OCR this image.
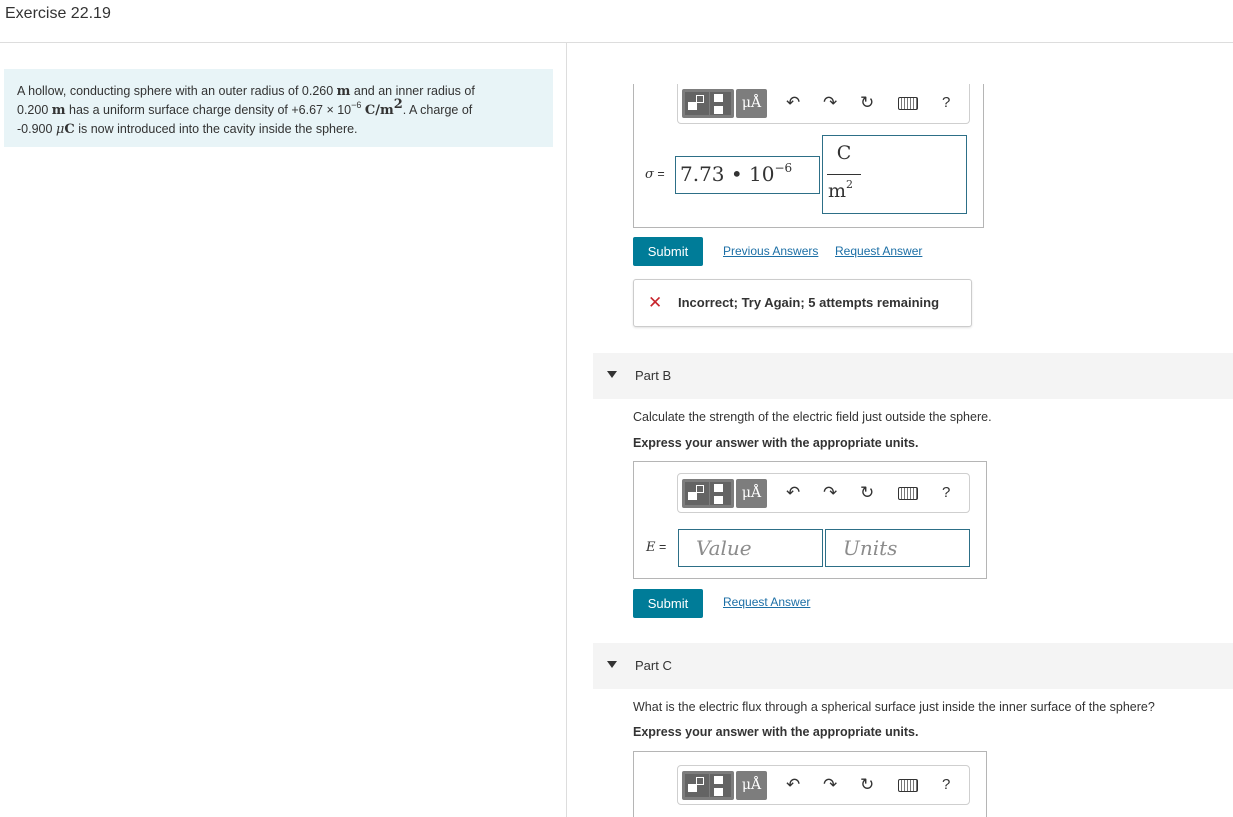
Exercise 22.19
A hollow, conducting sphere with an outer radius of 0.260 m and an inner radius of
0.200 m has a uniform surface charge density of $+6.67 \times 10^{-6}$ $C/m^2$. A charge of
-0.900 μC is now introduced into the cavity inside the sphere.
μÅ	↶ ↷ ↻	?
σ = 7.73 • $10^{-6}$
C
$m^2$
Submit	Previous Answers Request Answer
✕ Incorrect; Try Again; 5 attempts remaining
Part B
Calculate the strength of the electric field just outside the sphere.
Express your answer with the appropriate units.
μÅ	↶ ↷ ↻	?
E =	Value	Units
Submit	Request Answer
Part C
What is the electric flux through a spherical surface just inside the inner surface of the sphere?
Express your answer with the appropriate units.
μÅ	↶ ↷ ↻	?
